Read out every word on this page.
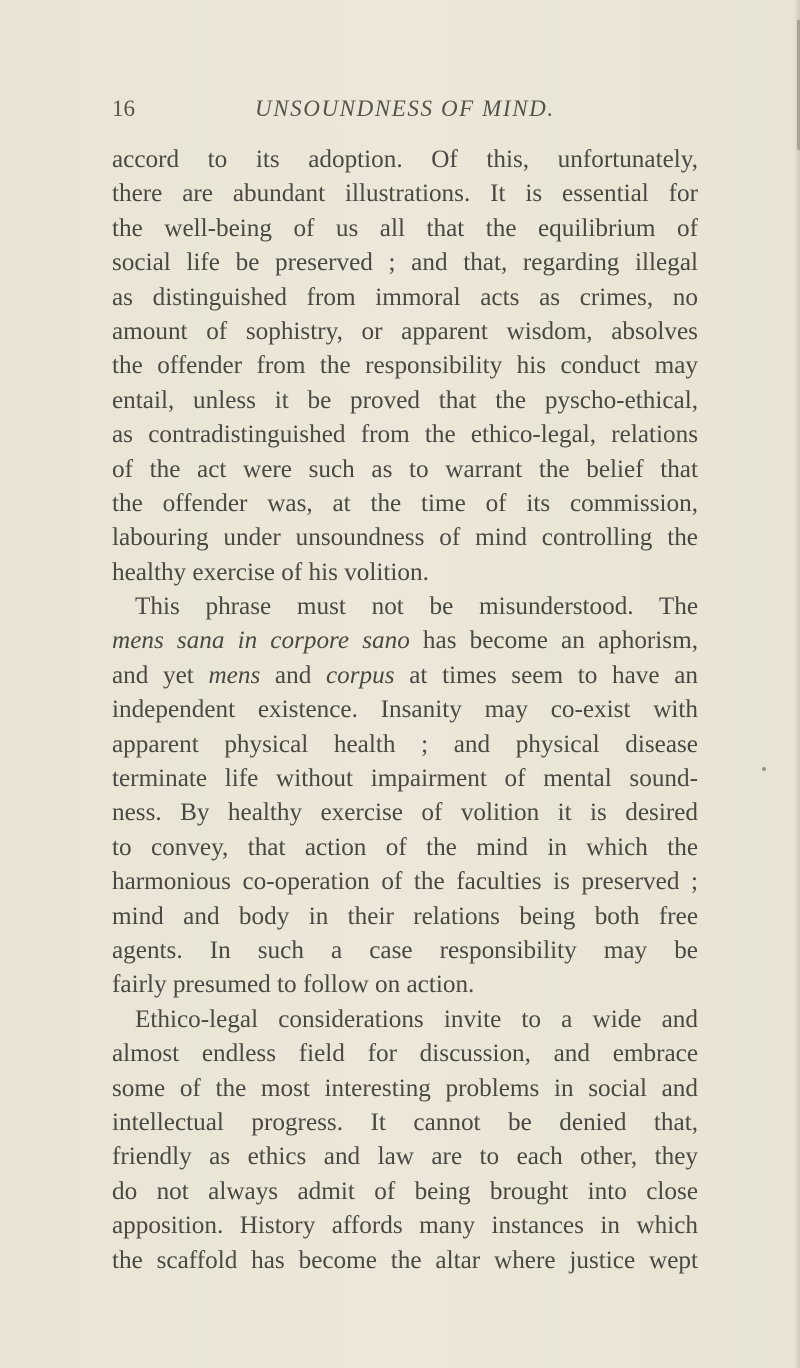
16	UNSOUNDNESS OF MIND.
accord to its adoption. Of this, unfortunately,
there are abundant illustrations. It is essential for
the well-being of us all that the equilibrium of
social life be preserved ; and that, regarding illegal
as distinguished from immoral acts as crimes, no
amount of sophistry, or apparent wisdom, absolves
the offender from the responsibility his conduct may
entail, unless it be proved that the pyscho-ethical,
as contradistinguished from the ethico-legal, relations
of the act were such as to warrant the belief that
the offender was, at the time of its commission,
labouring under unsoundness of mind controlling the
healthy exercise of his volition.
This phrase must not be misunderstood. The
mens sana in corpore sano has become an aphorism,
and yet mens and corpus at times seem to have an
independent existence. Insanity may co-exist with
apparent physical health ; and physical disease
terminate life without impairment of mental sound-
ness. By healthy exercise of volition it is desired
to convey, that action of the mind in which the
harmonious co-operation of the faculties is preserved ;
mind and body in their relations being both free
agents. In such a case responsibility may be
fairly presumed to follow on action.
Ethico-legal considerations invite to a wide and
almost endless field for discussion, and embrace
some of the most interesting problems in social and
intellectual progress. It cannot be denied that,
friendly as ethics and law are to each other, they
do not always admit of being brought into close
apposition. History affords many instances in which
the scaffold has become the altar where justice wept
